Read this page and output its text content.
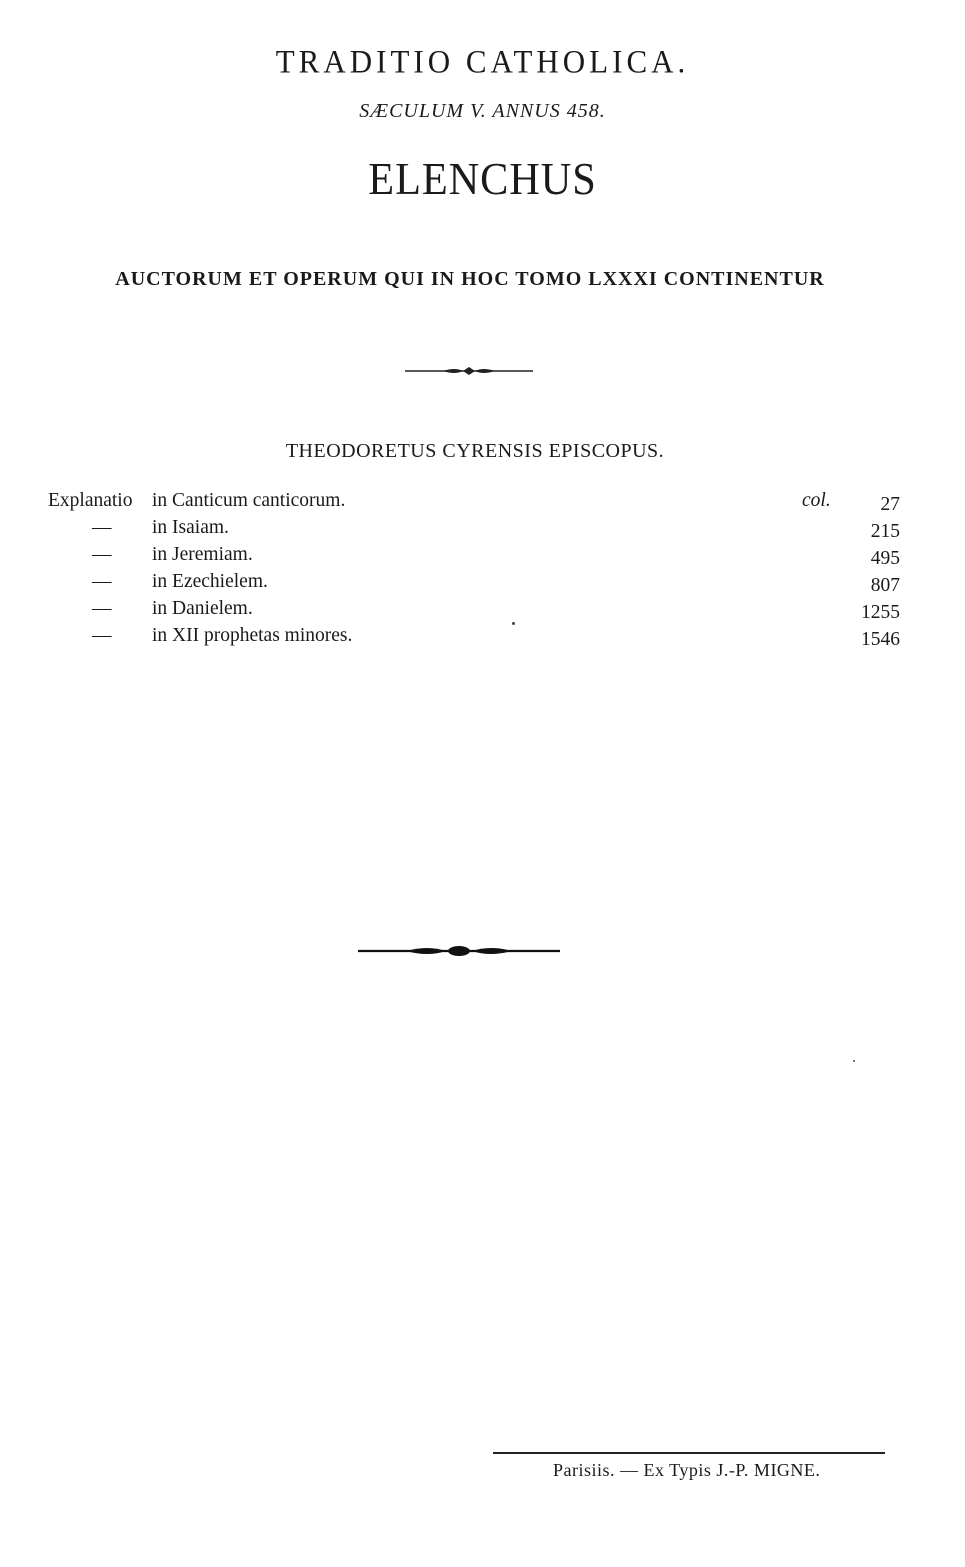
TRADITIO CATHOLICA.
SÆCULUM V. ANNUS 458.
ELENCHUS
AUCTORUM ET OPERUM QUI IN HOC TOMO LXXXI CONTINENTUR
THEODORETUS CYRENSIS EPISCOPUS.
Explanatio in Canticum canticorum.	col.	27
— in Isaiam.	215
— in Jeremiam.	495
— in Ezechielem.	807
— in Danielem.	1255
— in XII prophetas minores.	1546
Parisiis. — Ex Typis J.-P. MIGNE.
